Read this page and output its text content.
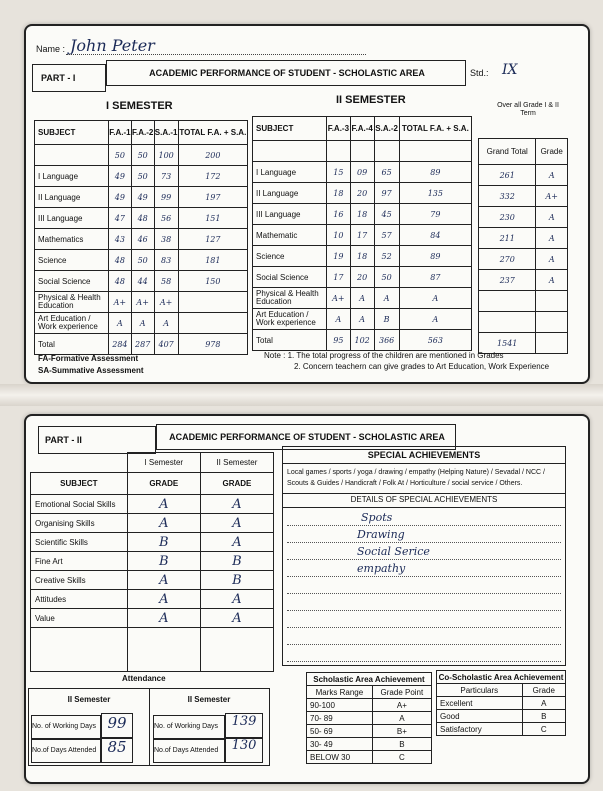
Name : John Peter
PART - I	ACADEMIC PERFORMANCE OF STUDENT - SCHOLASTIC AREA	Std.: IX
I SEMESTER	II SEMESTER	Over all Grade I & II Term
SUBJECT	F.A.-1	F.A.-2	S.A.-1	TOTAL F.A. + S.A.
	50	50	100	200
I Language	49	50	73	172
II Language	49	49	99	197
III Language	47	48	56	151
Mathematics	43	46	38	127
Science	48	50	83	181
Social Science	48	44	58	150
Physical & Health Education	A+	A+	A+	
Art Education / Work experience	A	A	A	
Total	284	287	407	978
SUBJECT	F.A.-3	F.A.-4	S.A.-2	TOTAL F.A. + S.A.

I Language	15	09	65	89
II Language	18	20	97	135
III Language	16	18	45	79
Mathematic	10	17	57	84
Science	19	18	52	89
Social Science	17	20	50	87
Physical & Health Education	A+	A	A	A
Art Education / Work experience	A	A	B	A
Total	95	102	366	563
Grand Total	Grade
261	A
332	A+
230	A
211	A
270	A
237	A

1541	
FA-Formative Assessment
SA-Summative Assessment
Note : 1. The total progress of the children are mentioned in Grades
2. Concern teachern can give grades to Art Education, Work Experience
PART - II	ACADEMIC PERFORMANCE OF STUDENT - SCHOLASTIC AREA
	I Semester	II Semester
SUBJECT	GRADE	GRADE
Emotional Social Skills	A	A
Organising Skills	A	A
Scientific Skills	B	A
Fine Art	B	B
Creative Skills	A	B
Attitudes	A	A
Value	A	A

SPECIAL ACHIEVEMENTS
Local games / sports / yoga / drawing / empathy (Helping Nature) / Sevadal / NCC / Scouts & Guides / Handicraft / Folk At / Horticulture / social service / Others.
DETAILS OF SPECIAL ACHIEVEMENTS
Spots
Drawing
Social Serice
empathy
Attendance
II Semester	II Semester
No. of Working Days 99
No.of Days Attended 85
No. of Working Days	139
No.of Days Attended	130
Scholastic Area Achievement	
Marks Range	Grade Point
90-100	A+
70- 89	A
50- 69	B+
30- 49	B
BELOW 30	C
Co-Scholastic Area Achievement	
Particulars	Grade
Excellent	A
Good	B
Satisfactory	C
